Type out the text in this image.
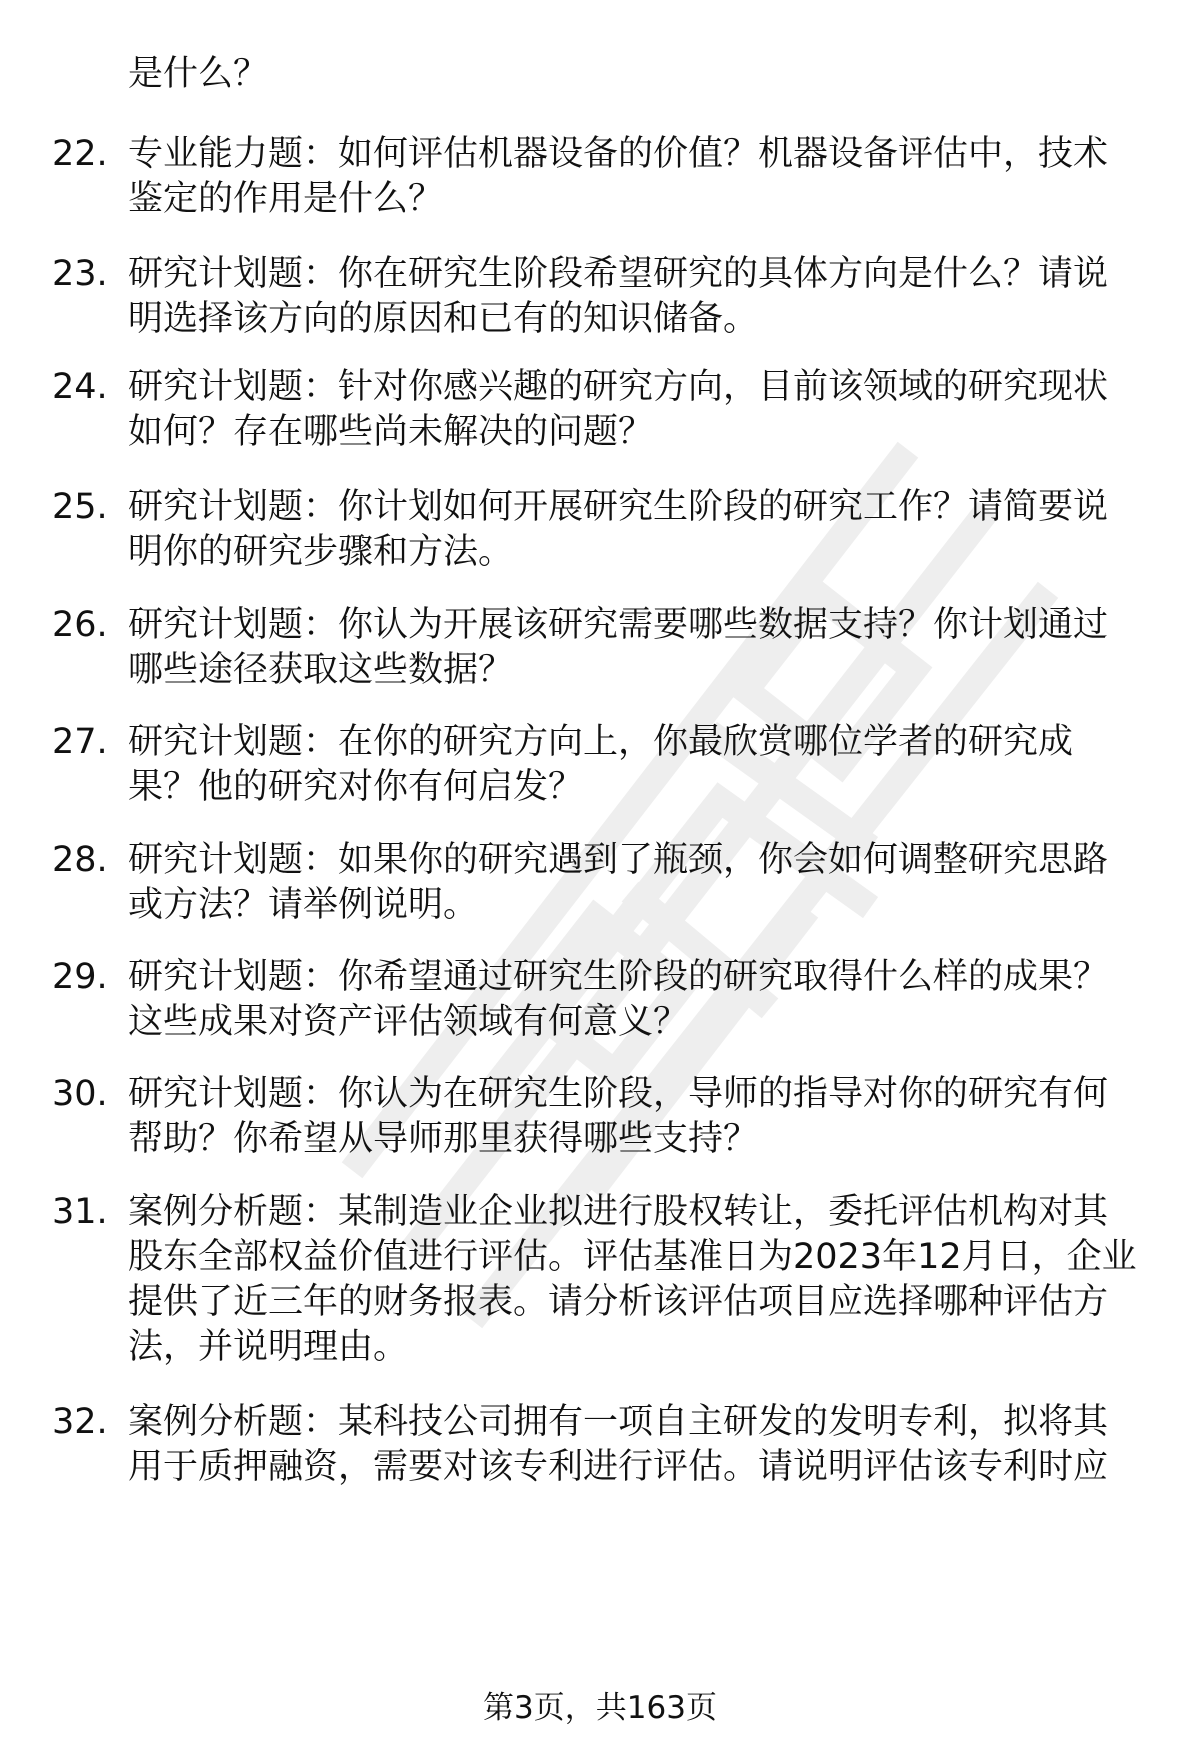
是什么？
22. 专业能力题：如何评估机器设备的价值？机器设备评估中，技术
鉴定的作用是什么？
23. 研究计划题：你在研究生阶段希望研究的具体方向是什么？请说
明选择该方向的原因和已有的知识储备。
24. 研究计划题：针对你感兴趣的研究方向，目前该领域的研究现状
如何？存在哪些尚未解决的问题？
25. 研究计划题：你计划如何开展研究生阶段的研究工作？请简要说
明你的研究步骤和方法。
26. 研究计划题：你认为开展该研究需要哪些数据支持？你计划通过
哪些途径获取这些数据？
27. 研究计划题：在你的研究方向上，你最欣赏哪位学者的研究成
果？他的研究对你有何启发？
28. 研究计划题：如果你的研究遇到了瓶颈，你会如何调整研究思路
或方法？请举例说明。
29. 研究计划题：你希望通过研究生阶段的研究取得什么样的成果？
这些成果对资产评估领域有何意义？
30. 研究计划题：你认为在研究生阶段，导师的指导对你的研究有何
帮助？你希望从导师那里获得哪些支持？
31. 案例分析题：某制造业企业拟进行股权转让，委托评估机构对其
股东全部权益价值进行评估。评估基准日为2023年12月日，企业
提供了近三年的财务报表。请分析该评估项目应选择哪种评估方
法，并说明理由。
32. 案例分析题：某科技公司拥有一项自主研发的发明专利，拟将其
用于质押融资，需要对该专利进行评估。请说明评估该专利时应
第3页，共163页
